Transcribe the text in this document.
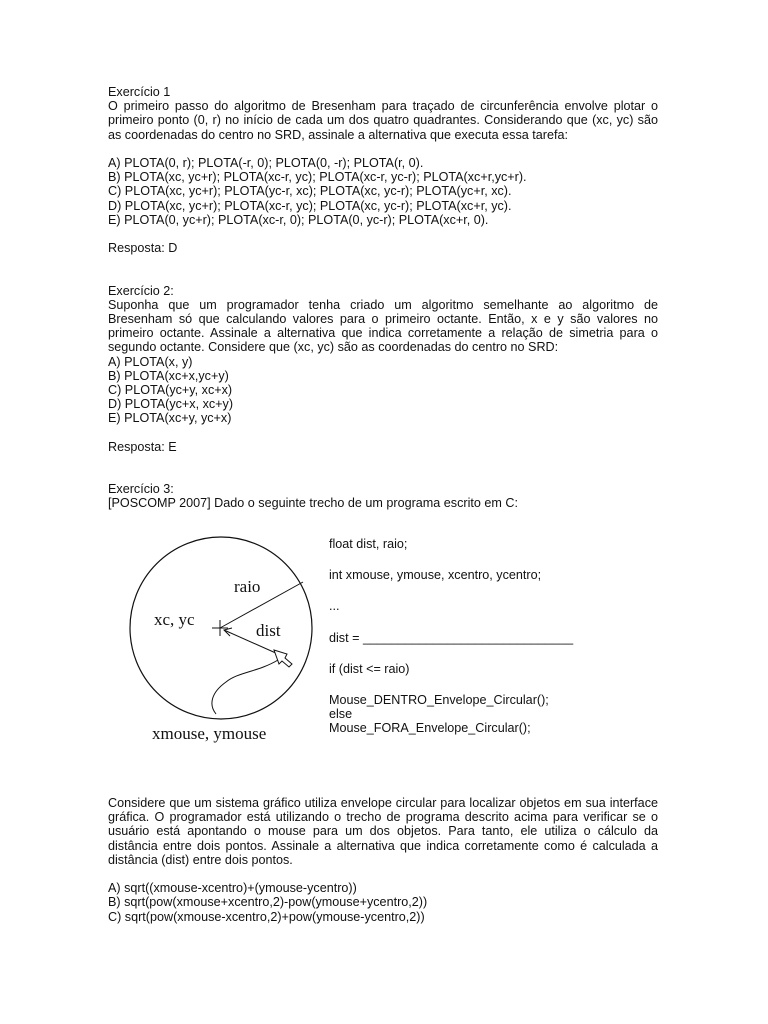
Exercício 1
O primeiro passo do algoritmo de Bresenham para traçado de circunferência envolve plotar o
primeiro ponto (0, r) no início de cada um dos quatro quadrantes. Considerando que (xc, yc) são
as coordenadas do centro no SRD, assinale a alternativa que executa essa tarefa:
A) PLOTA(0, r); PLOTA(-r, 0); PLOTA(0, -r); PLOTA(r, 0).
B) PLOTA(xc, yc+r); PLOTA(xc-r, yc); PLOTA(xc-r, yc-r); PLOTA(xc+r,yc+r).
C) PLOTA(xc, yc+r); PLOTA(yc-r, xc); PLOTA(xc, yc-r); PLOTA(yc+r, xc).
D) PLOTA(xc, yc+r); PLOTA(xc-r, yc); PLOTA(xc, yc-r); PLOTA(xc+r, yc).
E) PLOTA(0, yc+r); PLOTA(xc-r, 0); PLOTA(0, yc-r); PLOTA(xc+r, 0).
Resposta: D
Exercício 2:
Suponha que um programador tenha criado um algoritmo semelhante ao algoritmo de
Bresenham só que calculando valores para o primeiro octante. Então, x e y são valores no
primeiro octante. Assinale a alternativa que indica corretamente a relação de simetria para o
segundo octante. Considere que (xc, yc) são as coordenadas do centro no SRD:
A) PLOTA(x, y)
B) PLOTA(xc+x,yc+y)
C) PLOTA(yc+y, xc+x)
D) PLOTA(yc+x, xc+y)
E) PLOTA(xc+y, yc+x)
Resposta: E
Exercício 3:
[POSCOMP 2007] Dado o seguinte trecho de um programa escrito em C:
xc, yc
raio
dist
xmouse, ymouse
float dist, raio;
int xmouse, ymouse, xcentro, ycentro;
...
dist = ______________________________
if (dist <= raio)
Mouse_DENTRO_Envelope_Circular();
else
Mouse_FORA_Envelope_Circular();
Considere que um sistema gráfico utiliza envelope circular para localizar objetos em sua interface
gráfica. O programador está utilizando o trecho de programa descrito acima para verificar se o
usuário está apontando o mouse para um dos objetos. Para tanto, ele utiliza o cálculo da
distância entre dois pontos. Assinale a alternativa que indica corretamente como é calculada a
distância (dist) entre dois pontos.
A) sqrt((xmouse-xcentro)+(ymouse-ycentro))
B) sqrt(pow(xmouse+xcentro,2)-pow(ymouse+ycentro,2))
C) sqrt(pow(xmouse-xcentro,2)+pow(ymouse-ycentro,2))
